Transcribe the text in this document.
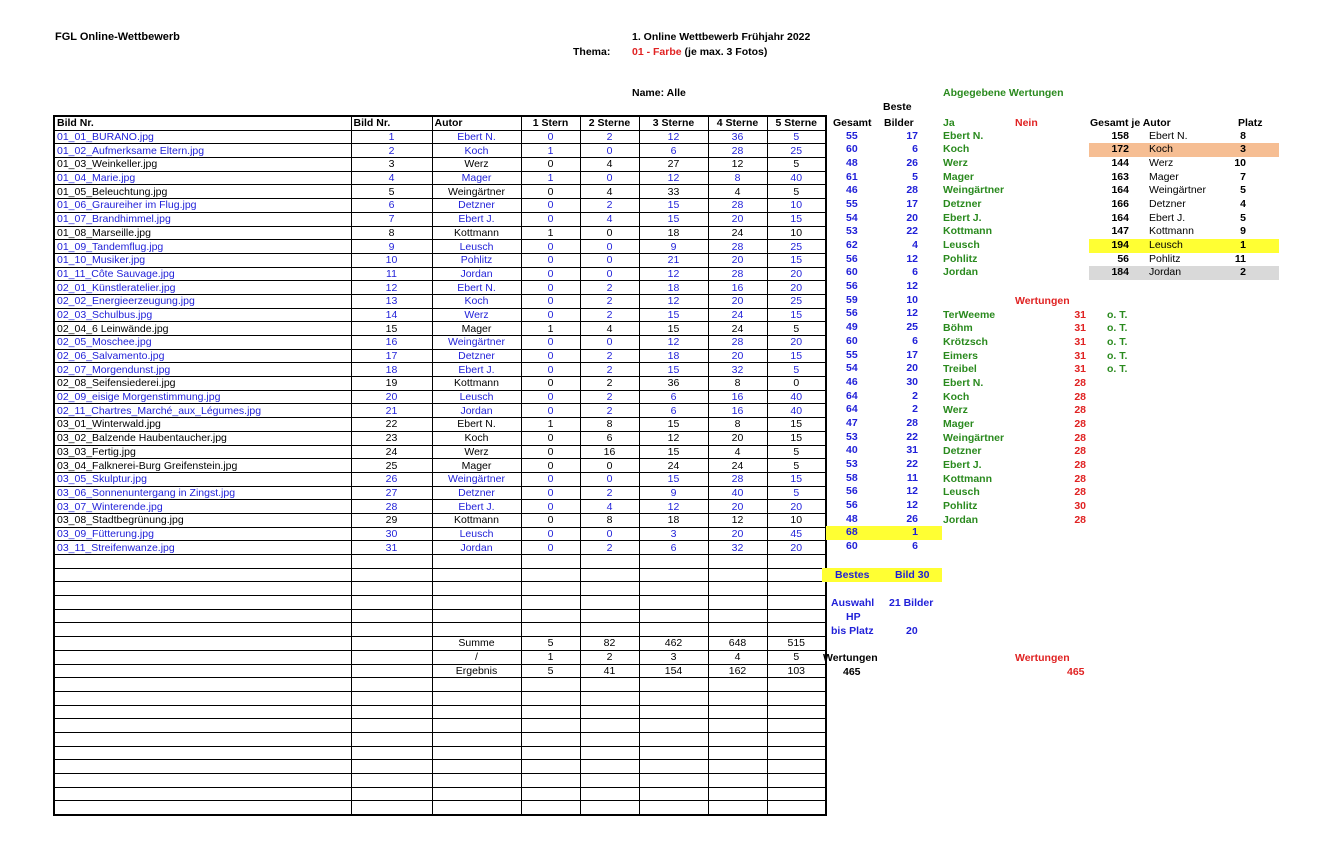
FGL Online-Wettbewerb	1. Online Wettbewerb Frühjahr 2022
Thema: 01 - Farbe (je max. 3 Fotos)
Name: Alle	Abgegebene Wertungen
Bild Nr.	Bild Nr.	Autor	1 Stern	2 Sterne	3 Sterne	4 Sterne	5 Sterne
01_01_BURANO.jpg	1	Ebert N.	0	2	12	36	5
01_02_Aufmerksame Eltern.jpg	2	Koch	1	0	6	28	25
01_03_Weinkeller.jpg	3	Werz	0	4	27	12	5
01_04_Marie.jpg	4	Mager	1	0	12	8	40
01_05_Beleuchtung.jpg	5	Weingärtner	0	4	33	4	5
01_06_Graureiher im Flug.jpg	6	Detzner	0	2	15	28	10
01_07_Brandhimmel.jpg	7	Ebert J.	0	4	15	20	15
01_08_Marseille.jpg	8	Kottmann	1	0	18	24	10
01_09_Tandemflug.jpg	9	Leusch	0	0	9	28	25
01_10_Musiker.jpg	10	Pohlitz	0	0	21	20	15
01_11_Côte Sauvage.jpg	11	Jordan	0	0	12	28	20
02_01_Künstleratelier.jpg	12	Ebert N.	0	2	18	16	20
02_02_Energieerzeugung.jpg	13	Koch	0	2	12	20	25
02_03_Schulbus.jpg	14	Werz	0	2	15	24	15
02_04_6 Leinwände.jpg	15	Mager	1	4	15	24	5
02_05_Moschee.jpg	16	Weingärtner	0	0	12	28	20
02_06_Salvamento.jpg	17	Detzner	0	2	18	20	15
02_07_Morgendunst.jpg	18	Ebert J.	0	2	15	32	5
02_08_Seifensiederei.jpg	19	Kottmann	0	2	36	8	0
02_09_eisige Morgenstimmung.jpg	20	Leusch	0	2	6	16	40
02_11_Chartres_Marché_aux_Légumes.jpg	21	Jordan	0	2	6	16	40
03_01_Winterwald.jpg	22	Ebert N.	1	8	15	8	15
03_02_Balzende Haubentaucher.jpg	23	Koch	0	6	12	20	15
03_03_Fertig.jpg	24	Werz	0	16	15	4	5
03_04_Falknerei-Burg Greifenstein.jpg	25	Mager	0	0	24	24	5
03_05_Skulptur.jpg	26	Weingärtner	0	0	15	28	15
03_06_Sonnenuntergang in Zingst.jpg	27	Detzner	0	2	9	40	5
03_07_Winterende.jpg	28	Ebert J.	0	4	12	20	20
03_08_Stadtbegrünung.jpg	29	Kottmann	0	8	18	12	10
03_09_Fütterung.jpg	30	Leusch	0	0	3	20	45
03_11_Streifenwanze.jpg	31	Jordan	0	2	6	32	20

		Summe	5	82	462	648	515
		/	1	2	3	4	5
		Ergebnis	5	41	154	162	103

Beste
Gesamt Bilder
55	17
60	6
48	26
61	5
46	28
55	17
54	20
53	22
62	4
56	12
60	6
56	12
59	10
56	12
49	25
60	6
55	17
54	20
46	30
64	2
64	2
47	28
53	22
40	31
53	22
58	11
56	12
56	12
48	26
68	1
60	6
Bestes Bild 30
Auswahl 21 Bilder
HP
bis Platz	20
Wertungen
465
Ja	Nein
Ebert N.
Koch
Werz
Mager
Weingärtner
Detzner
Ebert J.
Kottmann
Leusch
Pohlitz
Jordan
Wertungen
TerWeeme	31 o. T.
Böhm	31 o. T.
Krötzsch	31 o. T.
Eimers	31 o. T.
Treibel	31 o. T.
Ebert N.	28
Koch	28
Werz	28
Mager	28
Weingärtner	28
Detzner	28
Ebert J.	28
Kottmann	28
Leusch	28
Pohlitz	30
Jordan	28
Wertungen
465
Gesamt je Autor	Platz
158 Ebert N.	8
172 Koch	3
144 Werz	10
163 Mager	7
164 Weingärtner	5
166 Detzner	4
164 Ebert J.	5
147 Kottmann	9
194 Leusch	1
56 Pohlitz	11
184 Jordan	2
